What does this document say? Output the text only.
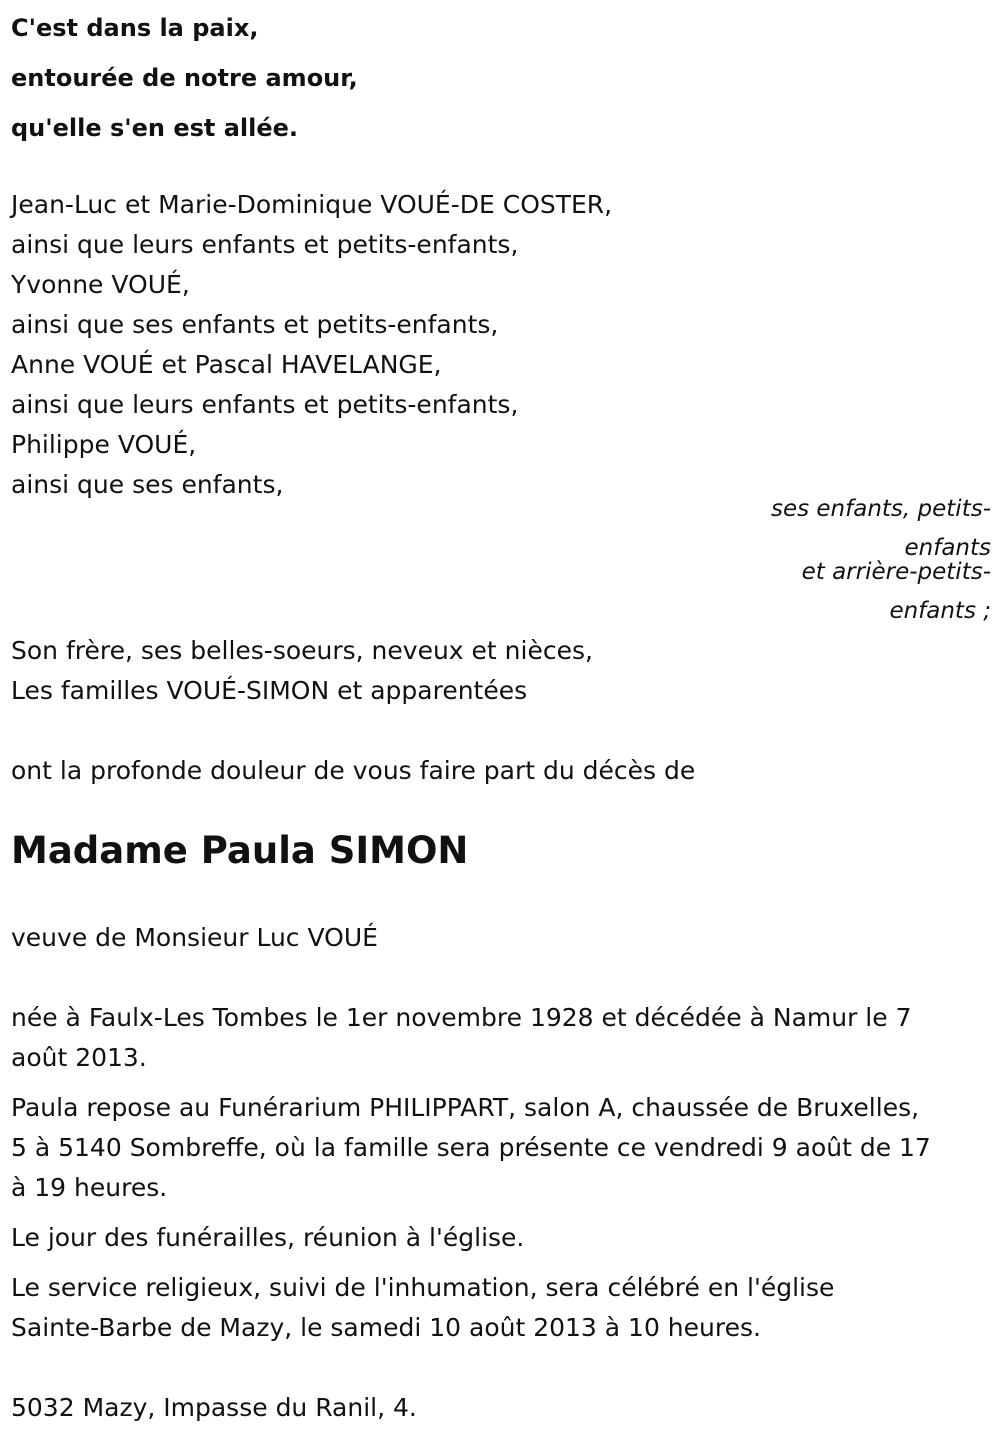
C'est dans la paix,

entourée de notre amour,

qu'elle s'en est allée.

Jean-Luc et Marie-Dominique VOUÉ-DE COSTER,

ainsi que leurs enfants et petits-enfants,

Yvonne VOUÉ,

ainsi que ses enfants et petits-enfants,

Anne VOUÉ et Pascal HAVELANGE,

ainsi que leurs enfants et petits-enfants,

Philippe VOUÉ,

ainsi que ses enfants,

ses enfants, petits-

enfants

et arrière-petits-

enfants ;

Son frère, ses belles-soeurs, neveux et nièces,

Les familles VOUÉ-SIMON et apparentées

ont la profonde douleur de vous faire part du décès de

Madame Paula SIMON

veuve de Monsieur Luc VOUÉ

née à Faulx-Les Tombes le 1er novembre 1928 et décédée à Namur le 7

août 2013.

Paula repose au Funérarium PHILIPPART, salon A, chaussée de Bruxelles,

5 à 5140 Sombreffe, où la famille sera présente ce vendredi 9 août de 17

à 19 heures.

Le jour des funérailles, réunion à l'église.

Le service religieux, suivi de l'inhumation, sera célébré en l'église

Sainte-Barbe de Mazy, le samedi 10 août 2013 à 10 heures.

5032 Mazy, Impasse du Ranil, 4.
